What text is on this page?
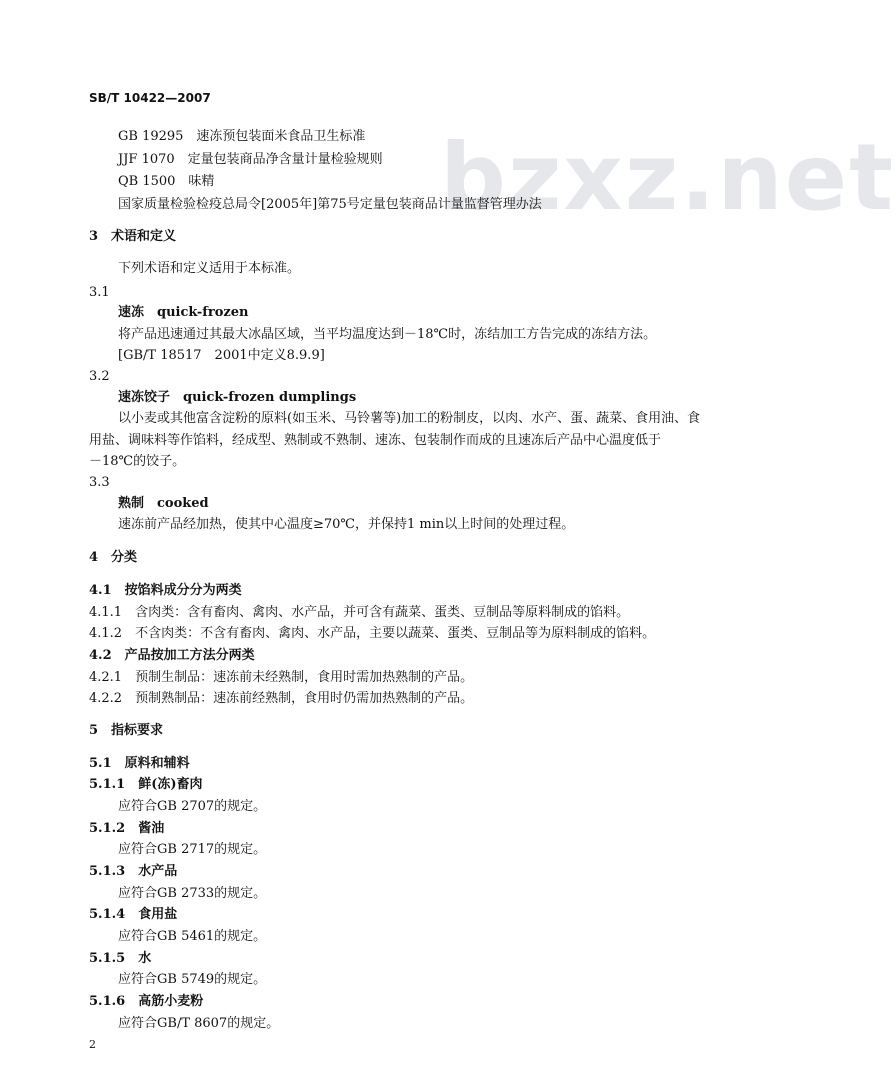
bzxz.net
SB/T 10422—2007
GB 19295　速冻预包装面米食品卫生标准
JJF 1070　定量包装商品净含量计量检验规则
QB 1500　味精
国家质量检验检疫总局令[2005年]第75号定量包装商品计量监督管理办法
3　术语和定义
下列术语和定义适用于本标准。
3.1
速冻　quick-frozen
将产品迅速通过其最大冰晶区域，当平均温度达到－18℃时，冻结加工方告完成的冻结方法。
[GB/T 18517　2001中定义8.9.9]
3.2
速冻饺子　quick-frozen dumplings
以小麦或其他富含淀粉的原料(如玉米、马铃薯等)加工的粉制皮，以肉、水产、蛋、蔬菜、食用油、食
用盐、调味料等作馅料，经成型、熟制或不熟制、速冻、包装制作而成的且速冻后产品中心温度低于
－18℃的饺子。
3.3
熟制　cooked
速冻前产品经加热，使其中心温度≥70℃，并保持1 min以上时间的处理过程。
4　分类
4.1　按馅料成分分为两类
4.1.1　含肉类：含有畜肉、禽肉、水产品，并可含有蔬菜、蛋类、豆制品等原料制成的馅料。
4.1.2　不含肉类：不含有畜肉、禽肉、水产品，主要以蔬菜、蛋类、豆制品等为原料制成的馅料。
4.2　产品按加工方法分两类
4.2.1　预制生制品：速冻前未经熟制，食用时需加热熟制的产品。
4.2.2　预制熟制品：速冻前经熟制，食用时仍需加热熟制的产品。
5　指标要求
5.1　原料和辅料
5.1.1　鲜(冻)畜肉
应符合GB 2707的规定。
5.1.2　酱油
应符合GB 2717的规定。
5.1.3　水产品
应符合GB 2733的规定。
5.1.4　食用盐
应符合GB 5461的规定。
5.1.5　水
应符合GB 5749的规定。
5.1.6　高筋小麦粉
应符合GB/T 8607的规定。
2
